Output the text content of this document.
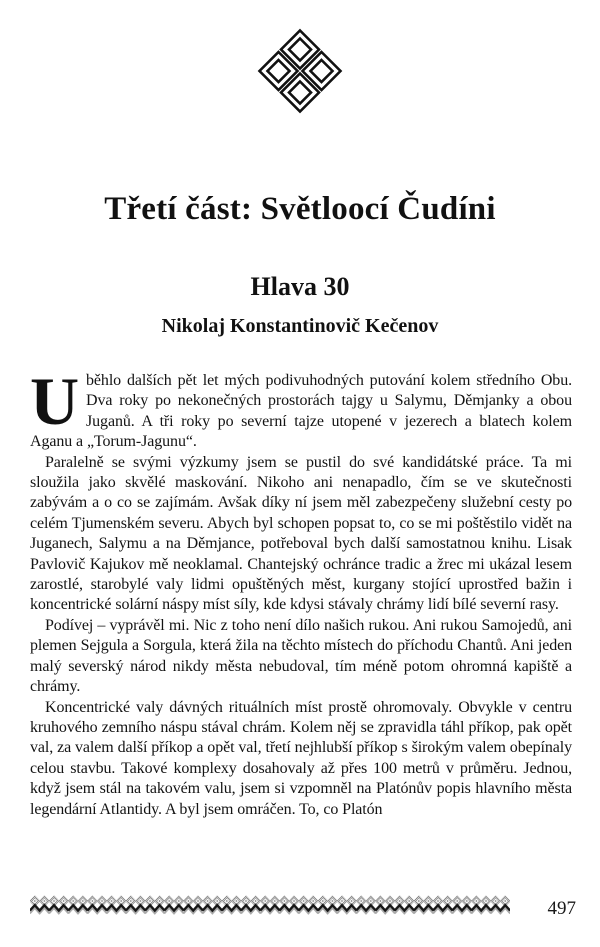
Třetí část: Světloocí Čudíni
Hlava 30
Nikolaj Konstantinovič Kečenov

Uběhlo dalších pět let mých podivuhodných putování kolem středního Obu. Dva roky po nekonečných prostorách tajgy u Salymu, Děmjanky a obou Juganů. A tři roky po severní tajze utopené v jezerech a blatech kolem Aganu a „Torum-Jagunu“.

Paralelně se svými výzkumy jsem se pustil do své kandidátské práce. Ta mi sloužila jako skvělé maskování. Nikoho ani nenapadlo, čím se ve skutečnosti zabývám a o co se zajímám. Avšak díky ní jsem měl zabezpečeny služební cesty po celém Tjumenském severu. Abych byl schopen popsat to, co se mi poštěstilo vidět na Juganech, Salymu a na Děmjance, potřeboval bych další samostatnou knihu. Lisak Pavlovič Kajukov mě neoklamal. Chantejský ochránce tradic a žrec mi ukázal lesem zarostlé, starobylé valy lidmi opuštěných měst, kurgany stojící uprostřed bažin i koncentrické solární náspy míst síly, kde kdysi stávaly chrámy lidí bílé severní rasy.

Podívej – vyprávěl mi. Nic z toho není dílo našich rukou. Ani rukou Samojedů, ani plemen Sejgula a Sorgula, která žila na těchto místech do příchodu Chantů. Ani jeden malý severský národ nikdy města nebudoval, tím méně potom ohromná kapiště a chrámy.

Koncentrické valy dávných rituálních míst prostě ohromovaly. Obvykle v centru kruhového zemního náspu stával chrám. Kolem něj se zpravidla táhl příkop, pak opět val, za valem další příkop a opět val, třetí nejhlubší příkop s širokým valem obepínaly celou stavbu. Takové komplexy dosahovaly až přes 100 metrů v průměru. Jednou, když jsem stál na takovém valu, jsem si vzpomněl na Platónův popis hlavního města legendární Atlantidy. A byl jsem omráčen. To, co Platón

497
